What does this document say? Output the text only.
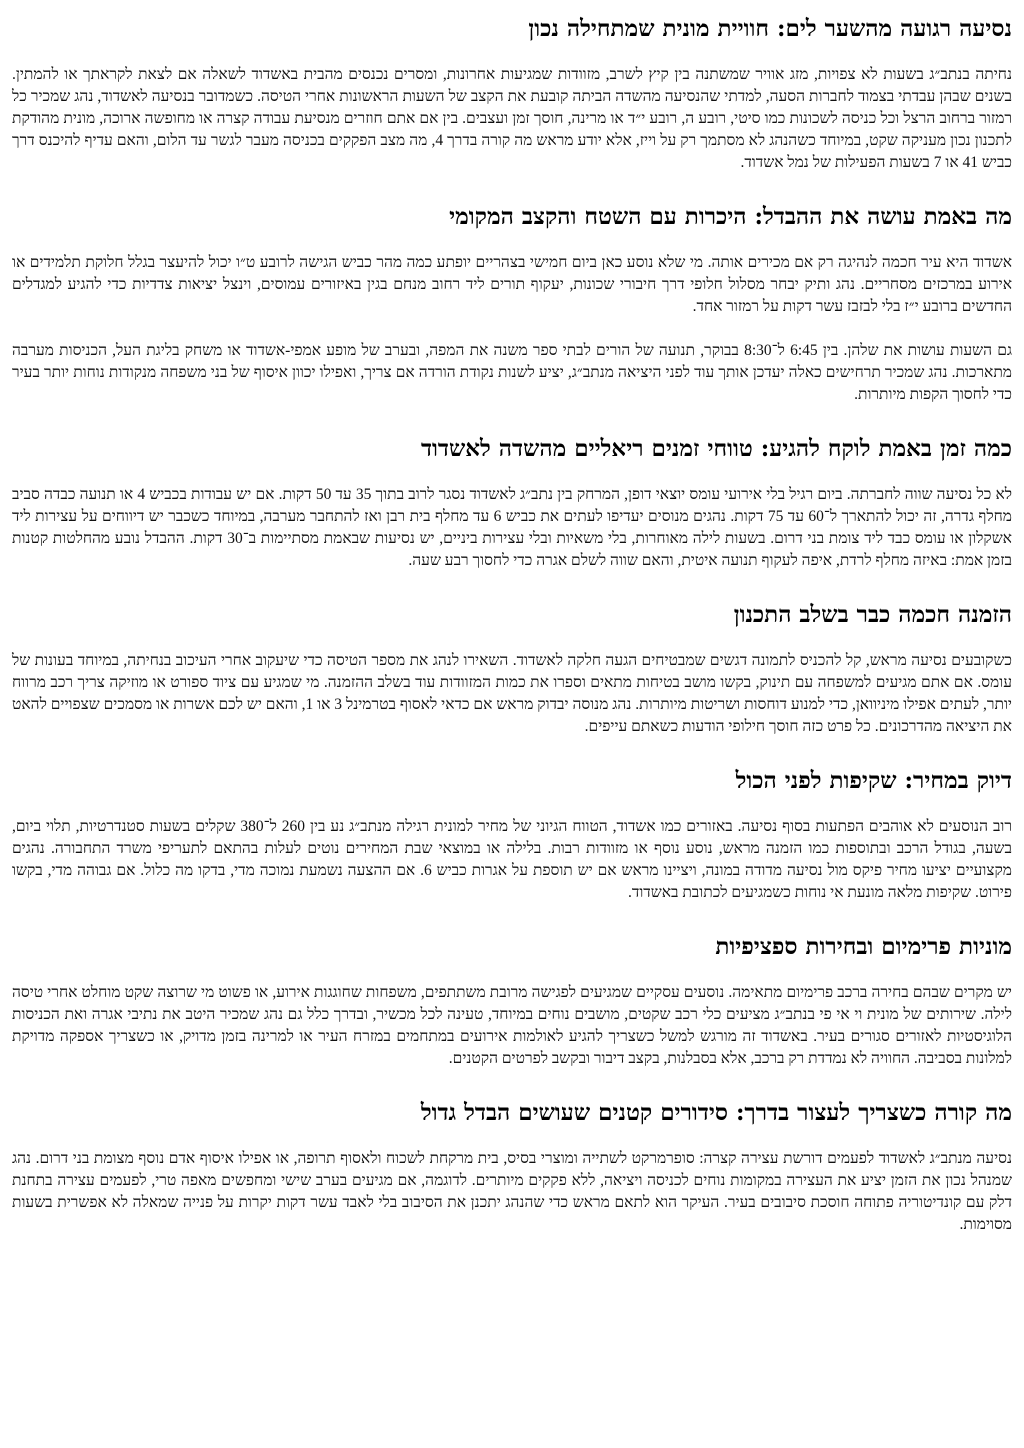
נסיעה רגועה מהשער לים: חוויית מונית שמתחילה נכון

נחיתה בנתב״ג בשעות לא צפויות, מזג אוויר שמשתנה בין קיץ לשרב, מזוודות שמגיעות אחרונות, ומסרים נכנסים מהבית באשדוד לשאלה אם לצאת לקראתך או להמתין. בשנים שבהן עבדתי בצמוד לחברות הסעה, למדתי שהנסיעה מהשדה הביתה קובעת את הקצב של השעות הראשונות אחרי הטיסה. כשמדובר בנסיעה לאשדוד, נהג שמכיר כל רמזור ברחוב הרצל וכל כניסה לשכונות כמו סיטי, רובע ה, רובע י״ד או מרינה, חוסך זמן ועצבים. בין אם אתם חוזרים מנסיעת עבודה קצרה או מחופשה ארוכה, מונית מהודקת לתכנון נכון מעניקה שקט, במיוחד כשהנהג לא מסתמך רק על וייז, אלא יודע מראש מה קורה בדרך 4, מה מצב הפקקים בכניסה מעבר לגשר עד הלום, והאם עדיף להיכנס דרך כביש 41 או 7 בשעות הפעילות של נמל אשדוד.

מה באמת עושה את ההבדל: היכרות עם השטח והקצב המקומי

אשדוד היא עיר חכמה לנהיגה רק אם מכירים אותה. מי שלא נוסע כאן ביום חמישי בצהריים יופתע כמה מהר כביש הגישה לרובע ט״ו יכול להיעצר בגלל חלוקת תלמידים או אירוע במרכזים מסחריים. נהג ותיק יבחר מסלול חלופי דרך חיבורי שכונות, יעקוף תורים ליד רחוב מנחם בגין באיזורים עמוסים, וינצל יציאות צדדיות כדי להגיע למגדלים החדשים ברובע י״ז בלי לבזבז עשר דקות על רמזור אחד.

גם השעות עושות את שלהן. בין 6:45 ל־8:30 בבוקר, תנועה של הורים לבתי ספר משנה את המפה, ובערב של מופע אמפי-אשדוד או משחק בליגת העל, הכניסות מערבה מתארכות. נהג שמכיר תרחישים כאלה יעדכן אותך עוד לפני היציאה מנתב״ג, יציע לשנות נקודת הורדה אם צריך, ואפילו יכוון איסוף של בני משפחה מנקודות נוחות יותר בעיר כדי לחסוך הקפות מיותרות.

כמה זמן באמת לוקח להגיע: טווחי זמנים ריאליים מהשדה לאשדוד

לא כל נסיעה שווה לחברתה. ביום רגיל בלי אירועי עומס יוצאי דופן, המרחק בין נתב״ג לאשדוד נסגר לרוב בתוך 35 עד 50 דקות. אם יש עבודות בכביש 4 או תנועה כבדה סביב מחלף גדרה, זה יכול להתארך ל־60 עד 75 דקות. נהגים מנוסים יעדיפו לעתים את כביש 6 עד מחלף בית רבן ואז להתחבר מערבה, במיוחד כשכבר יש דיווחים על עצירות ליד אשקלון או עומס כבד ליד צומת בני דרום. בשעות לילה מאוחרות, בלי משאיות ובלי עצירות ביניים, יש נסיעות שבאמת מסתיימות ב־30 דקות. ההבדל נובע מהחלטות קטנות בזמן אמת: באיזה מחלף לרדת, איפה לעקוף תנועה איטית, והאם שווה לשלם אגרה כדי לחסוך רבע שעה.

הזמנה חכמה כבר בשלב התכנון

כשקובעים נסיעה מראש, קל להכניס לתמונה דגשים שמבטיחים הגעה חלקה לאשדוד. השאירו לנהג את מספר הטיסה כדי שיעקוב אחרי העיכוב בנחיתה, במיוחד בעונות של עומס. אם אתם מגיעים למשפחה עם תינוק, בקשו מושב בטיחות מתאים וספרו את כמות המזוודות עוד בשלב ההזמנה. מי שמגיע עם ציוד ספורט או מוזיקה צריך רכב מרווח יותר, לעתים אפילו מיניוואן, כדי למנוע דוחסות ושריטות מיותרות. נהג מנוסה יבדוק מראש אם כדאי לאסוף בטרמינל 3 או 1, והאם יש לכם אשרות או מסמכים שצפויים להאט את היציאה מהדרכונים. כל פרט כזה חוסך חילופי הודעות כשאתם עייפים.

דיוק במחיר: שקיפות לפני הכול

רוב הנוסעים לא אוהבים הפתעות בסוף נסיעה. באזורים כמו אשדוד, הטווח הגיוני של מחיר למונית רגילה מנתב״ג נע בין 260 ל־380 שקלים בשעות סטנדרטיות, תלוי ביום, בשעה, בגודל הרכב ובתוספות כמו הזמנה מראש, נוסע נוסף או מזוודות רבות. בלילה או במוצאי שבת המחירים נוטים לעלות בהתאם לתעריפי משרד התחבורה. נהגים מקצועיים יציעו מחיר פיקס מול נסיעה מדודה במונה, ויציינו מראש אם יש תוספת על אגרות כביש 6. אם ההצעה נשמעת נמוכה מדי, בדקו מה כלול. אם גבוהה מדי, בקשו פירוט. שקיפות מלאה מונעת אי נוחות כשמגיעים לכתובת באשדוד.

מוניות פרימיום ובחירות ספציפיות

יש מקרים שבהם בחירה ברכב פרימיום מתאימה. נוסעים עסקיים שמגיעים לפגישה מרובת משתתפים, משפחות שחוגגות אירוע, או פשוט מי שרוצה שקט מוחלט אחרי טיסה לילה. שירותים של מונית וי אי פי בנתב״ג מציעים כלי רכב שקטים, מושבים נוחים במיוחד, טעינה לכל מכשיר, ובדרך כלל גם נהג שמכיר היטב את נתיבי אגרה ואת הכניסות הלוגיסטיות לאזורים סגורים בעיר. באשדוד זה מורגש למשל כשצריך להגיע לאולמות אירועים במתחמים במזרח העיר או למרינה בזמן מדויק, או כשצריך אספקה מדויקת למלונות בסביבה. החוויה לא נמדדת רק ברכב, אלא בסבלנות, בקצב דיבור ובקשב לפרטים הקטנים.

מה קורה כשצריך לעצור בדרך: סידורים קטנים שעושים הבדל גדול

נסיעה מנתב״ג לאשדוד לפעמים דורשת עצירה קצרה: סופרמרקט לשתייה ומוצרי בסיס, בית מרקחת לשכוח ולאסוף תרופה, או אפילו איסוף אדם נוסף מצומת בני דרום. נהג שמנהל נכון את הזמן יציע את העצירה במקומות נוחים לכניסה ויציאה, ללא פקקים מיותרים. לדוגמה, אם מגיעים בערב שישי ומחפשים מאפה טרי, לפעמים עצירה בתחנת דלק עם קונדיטוריה פתוחה חוסכת סיבובים בעיר. העיקר הוא לתאם מראש כדי שהנהג יתכנן את הסיבוב בלי לאבד עשר דקות יקרות על פנייה שמאלה לא אפשרית בשעות מסוימות.
